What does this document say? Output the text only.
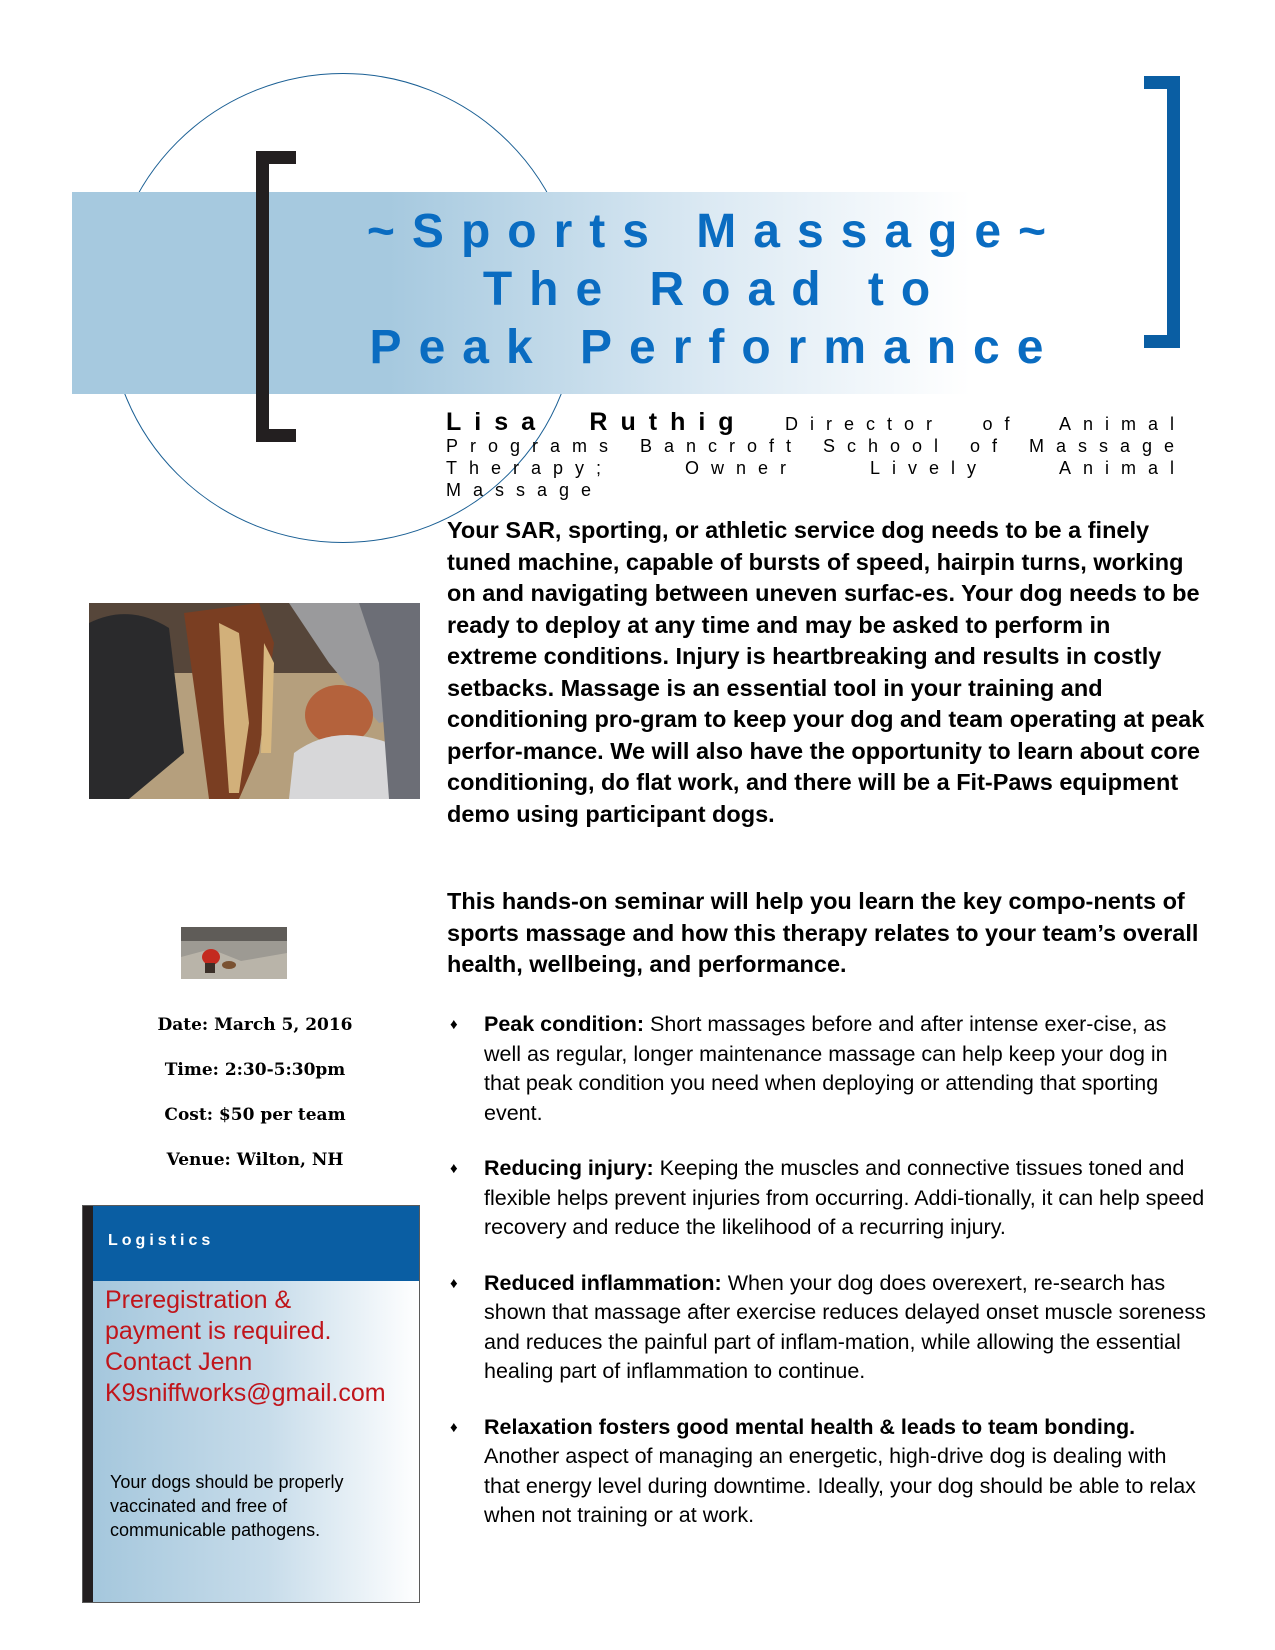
~Sports Massage~
The Road to
Peak Performance
Lisa Ruthig Director of Animal Programs Bancroft School of Massage Therapy; Owner Lively Animal Massage

Date: March 5, 2016

Time: 2:30-5:30pm

Cost: $50 per team

Venue: Wilton, NH

Logistics
Preregistration &
payment is required.
Contact Jenn
K9sniffworks@gmail.com
Your dogs should be properly vaccinated and free of communicable pathogens.

Your SAR, sporting, or athletic service dog needs to be a finely tuned machine, capable of bursts of speed, hairpin turns, working on and navigating between uneven surfac-es. Your dog needs to be ready to deploy at any time and may be asked to perform in extreme conditions. Injury is heartbreaking and results in costly setbacks. Massage is an essential tool in your training and conditioning pro-gram to keep your dog and team operating at peak perfor-mance. We will also have the opportunity to learn about core conditioning, do flat work, and there will be a Fit-Paws equipment demo using participant dogs.

This hands-on seminar will help you learn the key compo-nents of sports massage and how this therapy relates to your team’s overall health, wellbeing, and performance.

♦ Peak condition: Short massages before and after intense exer-cise, as well as regular, longer maintenance massage can help keep your dog in that peak condition you need when deploying or attending that sporting event.
♦ Reducing injury: Keeping the muscles and connective tissues toned and flexible helps prevent injuries from occurring. Addi-tionally, it can help speed recovery and reduce the likelihood of a recurring injury.
♦ Reduced inflammation: When your dog does overexert, re-search has shown that massage after exercise reduces delayed onset muscle soreness and reduces the painful part of inflam-mation, while allowing the essential healing part of inflammation to continue.
♦ Relaxation fosters good mental health & leads to team bonding. Another aspect of managing an energetic, high-drive dog is dealing with that energy level during downtime. Ideally, your dog should be able to relax when not training or at work.
